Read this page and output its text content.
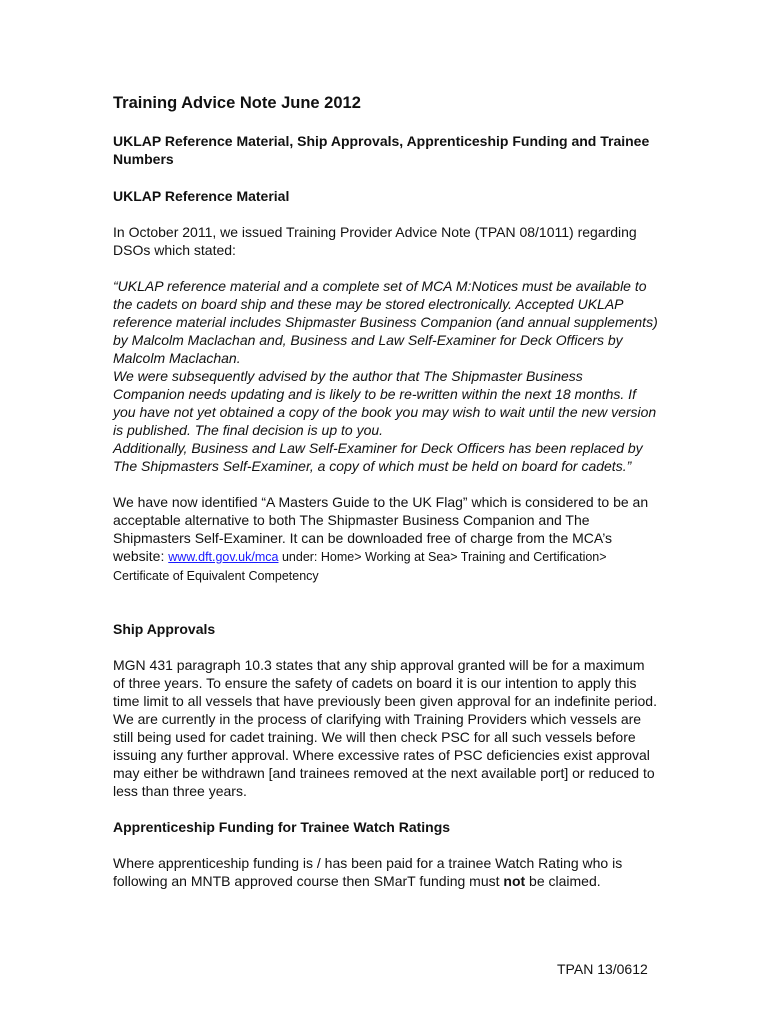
Training Advice Note June 2012
UKLAP Reference Material, Ship Approvals, Apprenticeship Funding and Trainee Numbers
UKLAP Reference Material

In October 2011, we issued Training Provider Advice Note (TPAN 08/1011) regarding DSOs which stated:

“UKLAP reference material and a complete set of MCA M:Notices must be available to the cadets on board ship and these may be stored electronically. Accepted UKLAP reference material includes Shipmaster Business Companion (and annual supplements) by Malcolm Maclachan and, Business and Law Self-Examiner for Deck Officers by Malcolm Maclachan.

We were subsequently advised by the author that The Shipmaster Business Companion needs updating and is likely to be re-written within the next 18 months. If you have not yet obtained a copy of the book you may wish to wait until the new version is published. The final decision is up to you.

Additionally, Business and Law Self-Examiner for Deck Officers has been replaced by The Shipmasters Self-Examiner, a copy of which must be held on board for cadets.”

We have now identified “A Masters Guide to the UK Flag” which is considered to be an acceptable alternative to both The Shipmaster Business Companion and The Shipmasters Self-Examiner. It can be downloaded free of charge from the MCA’s website: www.dft.gov.uk/mca under: Home> Working at Sea> Training and Certification> Certificate of Equivalent Competency

Ship Approvals

MGN 431 paragraph 10.3 states that any ship approval granted will be for a maximum of three years. To ensure the safety of cadets on board it is our intention to apply this time limit to all vessels that have previously been given approval for an indefinite period. We are currently in the process of clarifying with Training Providers which vessels are still being used for cadet training. We will then check PSC for all such vessels before issuing any further approval. Where excessive rates of PSC deficiencies exist approval may either be withdrawn [and trainees removed at the next available port] or reduced to less than three years.

Apprenticeship Funding for Trainee Watch Ratings

Where apprenticeship funding is / has been paid for a trainee Watch Rating who is following an MNTB approved course then SMarT funding must not be claimed.

TPAN 13/0612
